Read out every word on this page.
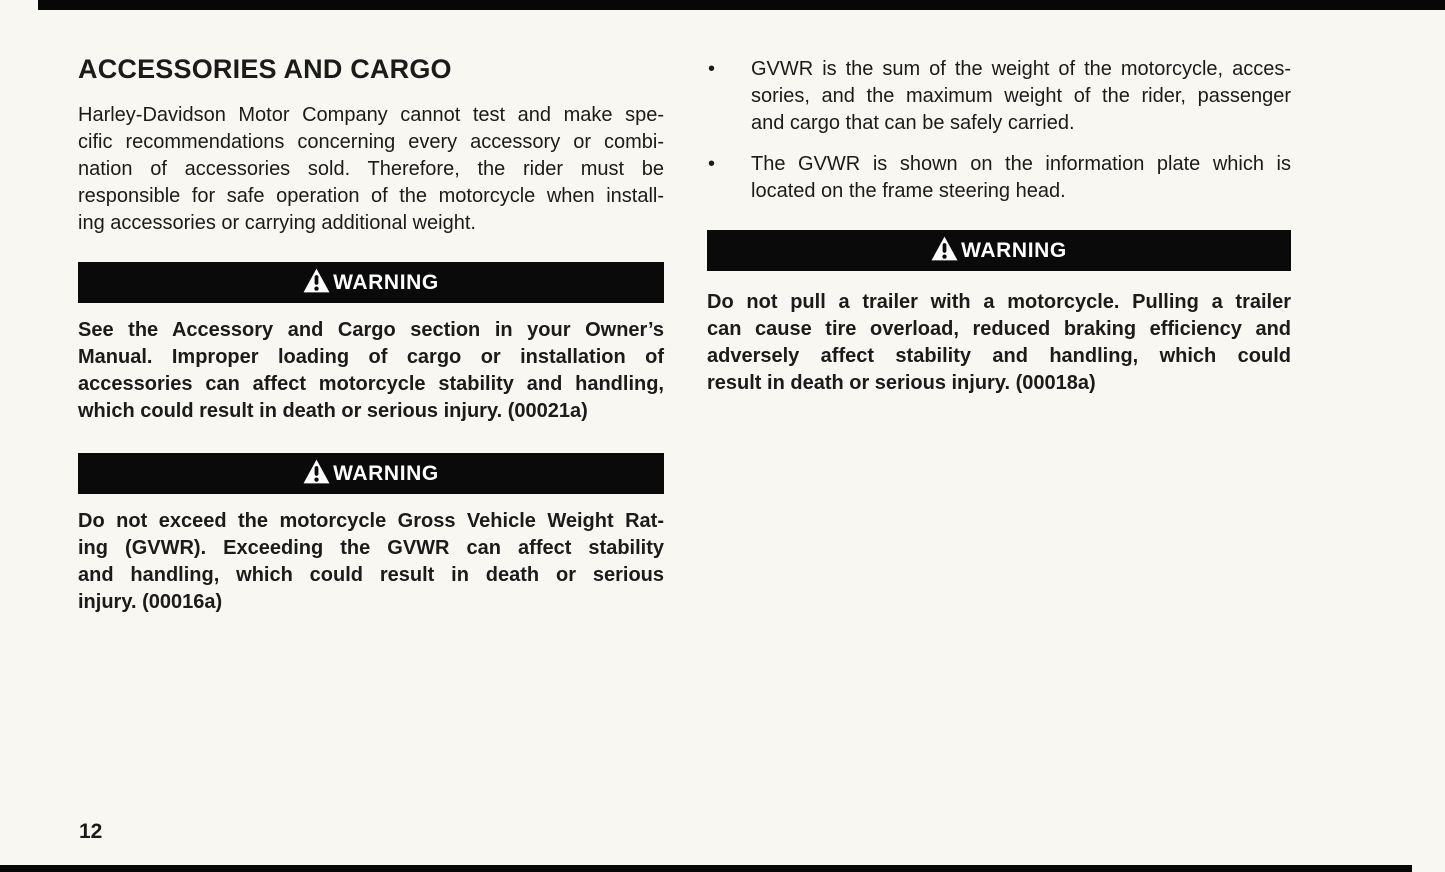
ACCESSORIES AND CARGO
Harley-Davidson Motor Company cannot test and make spe-
cific recommendations concerning every accessory or combi-
nation of accessories sold. Therefore, the rider must be
responsible for safe operation of the motorcycle when install-
ing accessories or carrying additional weight.
WARNING
See the Accessory and Cargo section in your Owner’s
Manual. Improper loading of cargo or installation of
accessories can affect motorcycle stability and handling,
which could result in death or serious injury. (00021a)
WARNING
Do not exceed the motorcycle Gross Vehicle Weight Rat-
ing (GVWR). Exceeding the GVWR can affect stability
and handling, which could result in death or serious
injury. (00016a)
•	GVWR is the sum of the weight of the motorcycle, acces-
sories, and the maximum weight of the rider, passenger
and cargo that can be safely carried.
•	The GVWR is shown on the information plate which is
located on the frame steering head.
WARNING
Do not pull a trailer with a motorcycle. Pulling a trailer
can cause tire overload, reduced braking efficiency and
adversely affect stability and handling, which could
result in death or serious injury. (00018a)
12
